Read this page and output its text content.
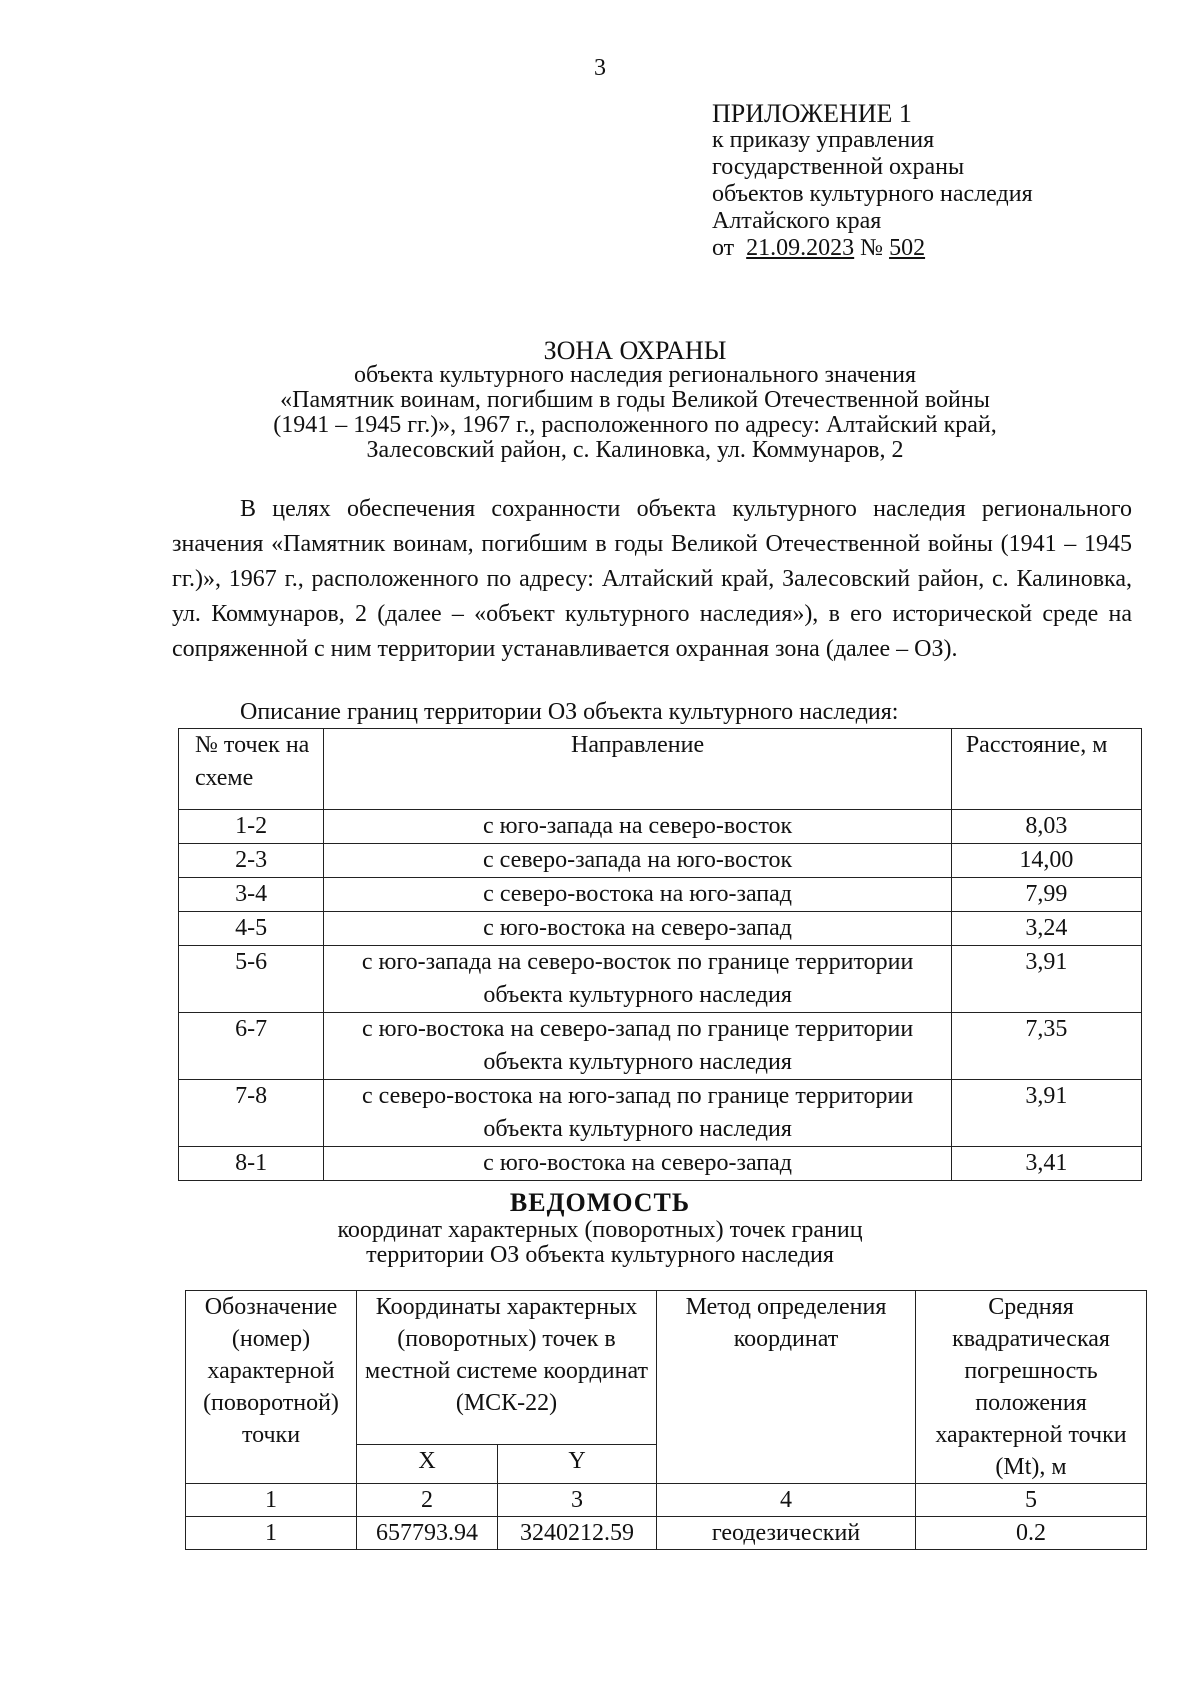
3
ПРИЛОЖЕНИЕ 1
к приказу управления
государственной охраны
объектов культурного наследия
Алтайского края
от 21.09.2023 № 502
ЗОНА ОХРАНЫ
объекта культурного наследия регионального значения
«Памятник воинам, погибшим в годы Великой Отечественной войны
(1941 – 1945 гг.)», 1967 г., расположенного по адресу: Алтайский край,
Залесовский район, с. Калиновка, ул. Коммунаров, 2

В целях обеспечения сохранности объекта культурного наследия регионального значения «Памятник воинам, погибшим в годы Великой Отечественной войны (1941 – 1945 гг.)», 1967 г., расположенного по адресу: Алтайский край, Залесовский район, с. Калиновка, ул. Коммунаров, 2 (далее – «объект культурного наследия»), в его исторической среде на сопряженной с ним территории устанавливается охранная зона (далее – ОЗ).

Описание границ территории ОЗ объекта культурного наследия:
№ точек на схеме	Направление	Расстояние, м
1-2	с юго-запада на северо-восток	8,03
2-3	с северо-запада на юго-восток	14,00
3-4	с северо-востока на юго-запад	7,99
4-5	с юго-востока на северо-запад	3,24
5-6	с юго-запада на северо-восток по границе территории объекта культурного наследия	3,91
6-7	с юго-востока на северо-запад по границе территории объекта культурного наследия	7,35
7-8	с северо-востока на юго-запад по границе территории объекта культурного наследия	3,91
8-1	с юго-востока на северо-запад	3,41
ВЕДОМОСТЬ
координат характерных (поворотных) точек границ
территории ОЗ объекта культурного наследия
Обозначение (номер) характерной (поворотной) точки	Координаты характерных (поворотных) точек в местной системе координат (МСК-22)		Метод определения координат	Средняя квадратическая погрешность положения характерной точки (Mt), м
	X	Y		
1	2	3	4	5
1	657793.94	3240212.59	геодезический	0.2
